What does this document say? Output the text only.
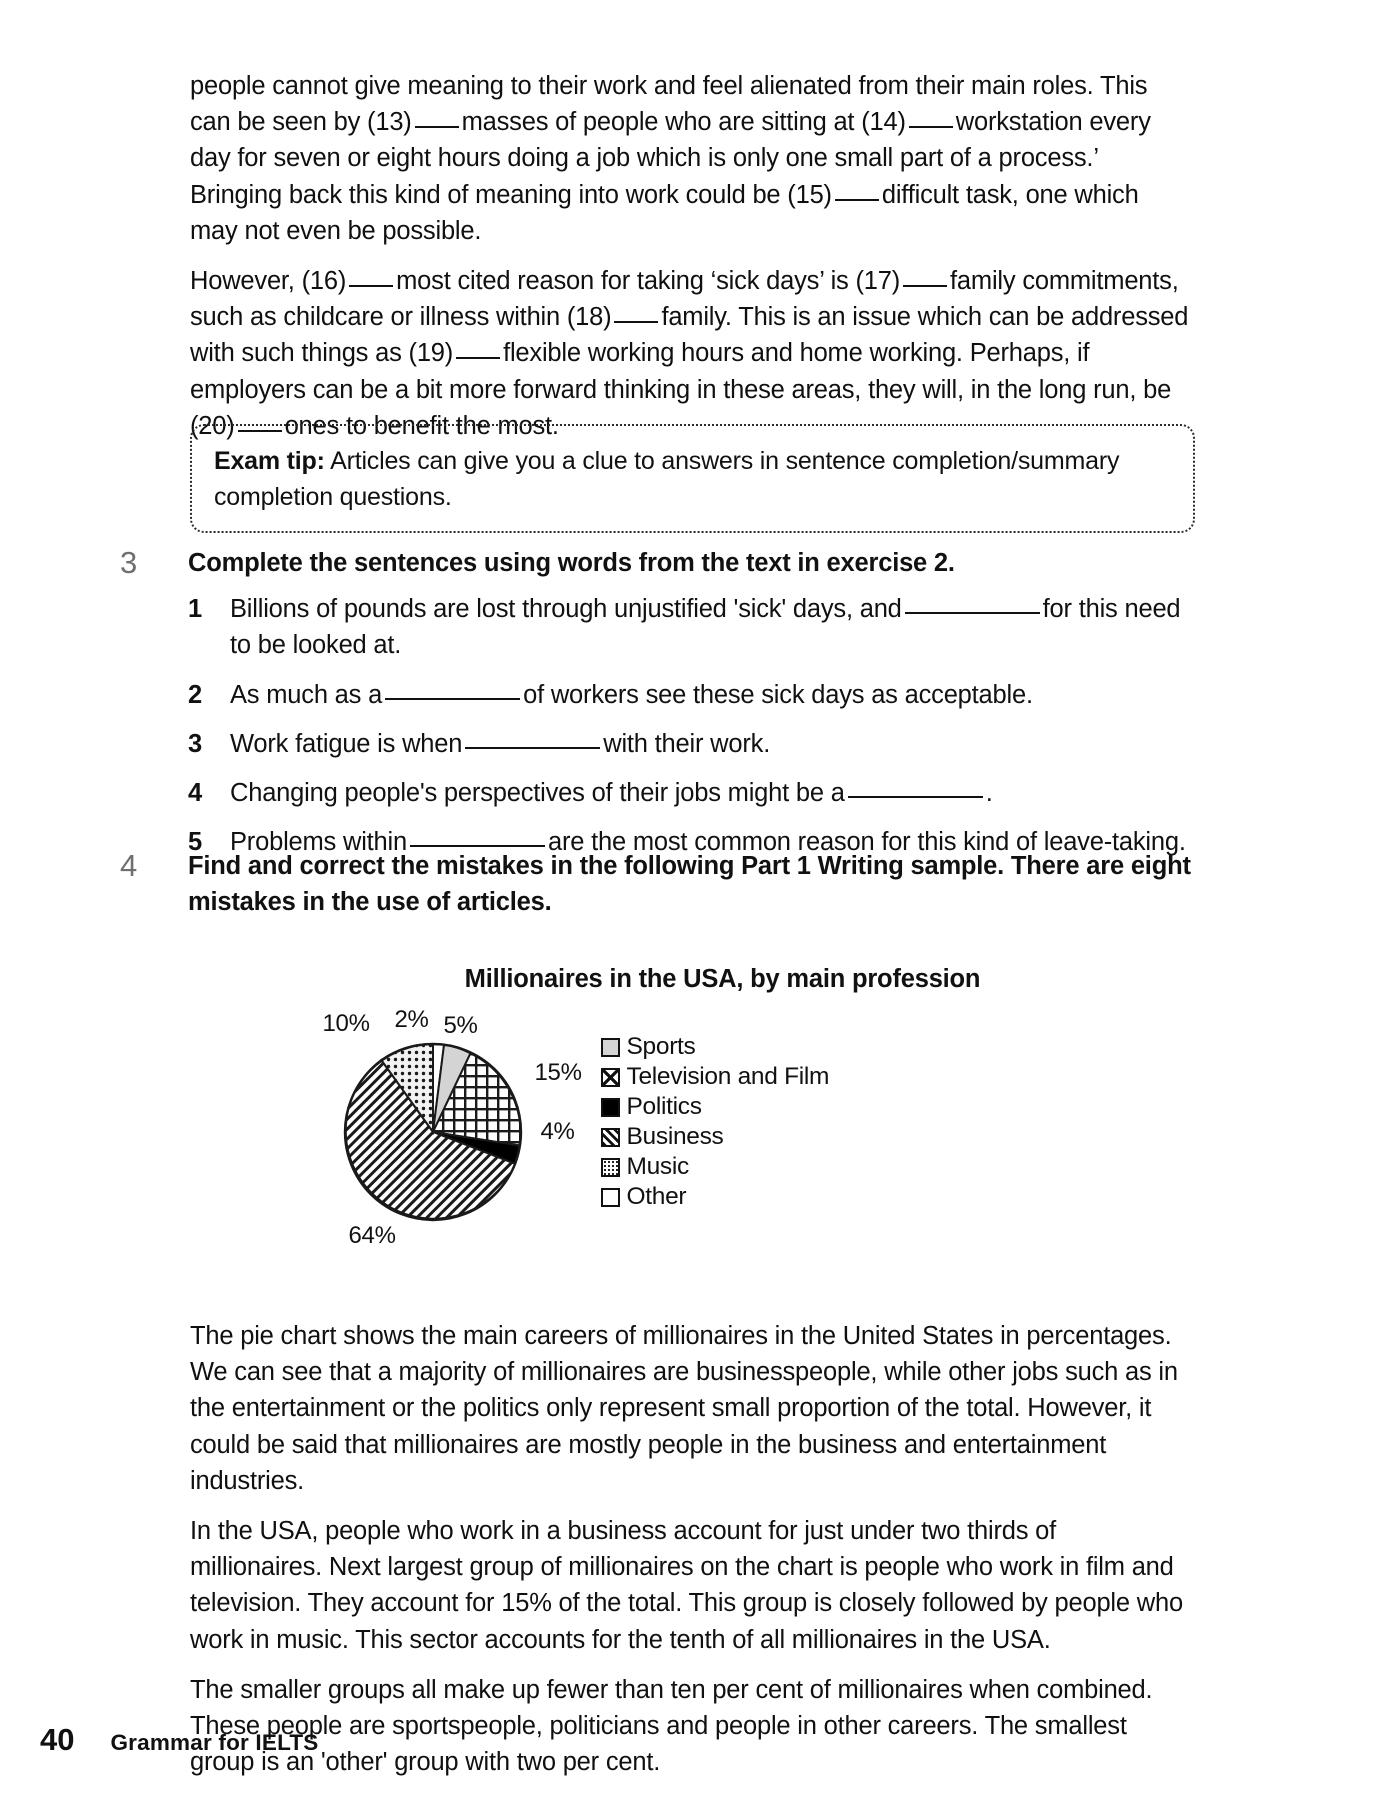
people cannot give meaning to their work and feel alienated from their main roles. This can be seen by (13) masses of people who are sitting at (14) workstation every day for seven or eight hours doing a job which is only one small part of a process.’ Bringing back this kind of meaning into work could be (15) difficult task, one which may not even be possible.

However, (16) most cited reason for taking ‘sick days’ is (17) family commitments, such as childcare or illness within (18) family. This is an issue which can be addressed with such things as (19) flexible working hours and home working. Perhaps, if employers can be a bit more forward thinking in these areas, they will, in the long run, be (20) ones to benefit the most.

Exam tip: Articles can give you a clue to answers in sentence completion/summary completion questions.

3	Complete the sentences using words from the text in exercise 2.

1 Billions of pounds are lost through unjustified 'sick' days, and	for this need to be looked at.
2 As much as a	of workers see these sick days as acceptable.
3 Work fatigue is when	with their work.
4 Changing people's perspectives of their jobs might be a	.
5 Problems within	are the most common reason for this kind of leave-taking.
4	Find and correct the mistakes in the following Part 1 Writing sample. There are eight mistakes in the use of articles.

Millionaires in the USA, by main profession
10% 2% 5%
15%
4%
64%
Sports
Television and Film
Politics
Business
Music
Other

The pie chart shows the main careers of millionaires in the United States in percentages. We can see that a majority of millionaires are businesspeople, while other jobs such as in the entertainment or the politics only represent small proportion of the total. However, it could be said that millionaires are mostly people in the business and entertainment industries.

In the USA, people who work in a business account for just under two thirds of millionaires. Next largest group of millionaires on the chart is people who work in film and television. They account for 15% of the total. This group is closely followed by people who work in music. This sector accounts for the tenth of all millionaires in the USA.

The smaller groups all make up fewer than ten per cent of millionaires when combined. These people are sportspeople, politicians and people in other careers. The smallest group is an 'other' group with two per cent.

40 Grammar for IELTS
